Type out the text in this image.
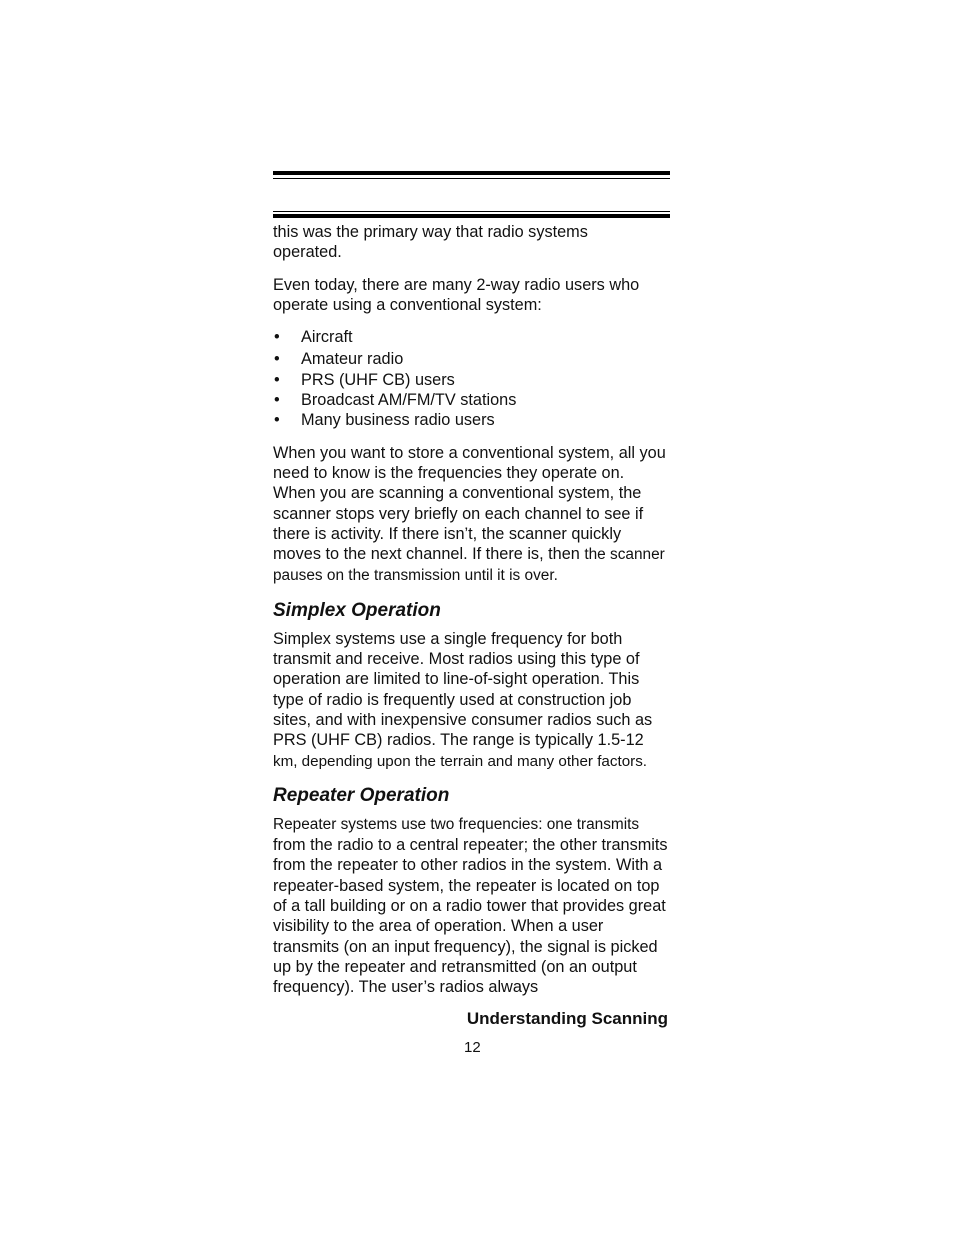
this was the primary way that radio systems operated.

Even today, there are many 2-way radio users who operate using a conventional system:

• Aircraft
• Amateur radio
• PRS (UHF CB) users
• Broadcast AM/FM/TV stations
• Many business radio users

When you want to store a conventional system, all you need to know is the frequencies they operate on. When you are scanning a conventional system, the scanner stops very briefly on each channel to see if there is activity. If there isn’t, the scanner quickly moves to the next channel. If there is, then the scanner pauses on the transmission until it is over.

Simplex Operation

Simplex systems use a single frequency for both transmit and receive. Most radios using this type of operation are limited to line-of-sight operation. This type of radio is frequently used at construction job sites, and with inexpensive consumer radios such as PRS (UHF CB) radios. The range is typically 1.5-12 km, depending upon the terrain and many other factors.

Repeater Operation

Repeater systems use two frequencies: one transmits from the radio to a central repeater; the other transmits from the repeater to other radios in the system. With a repeater-based system, the repeater is located on top of a tall building or on a radio tower that provides great visibility to the area of operation. When a user transmits (on an input frequency), the signal is picked up by the repeater and retransmitted (on an output frequency). The user’s radios always

Understanding Scanning
12
